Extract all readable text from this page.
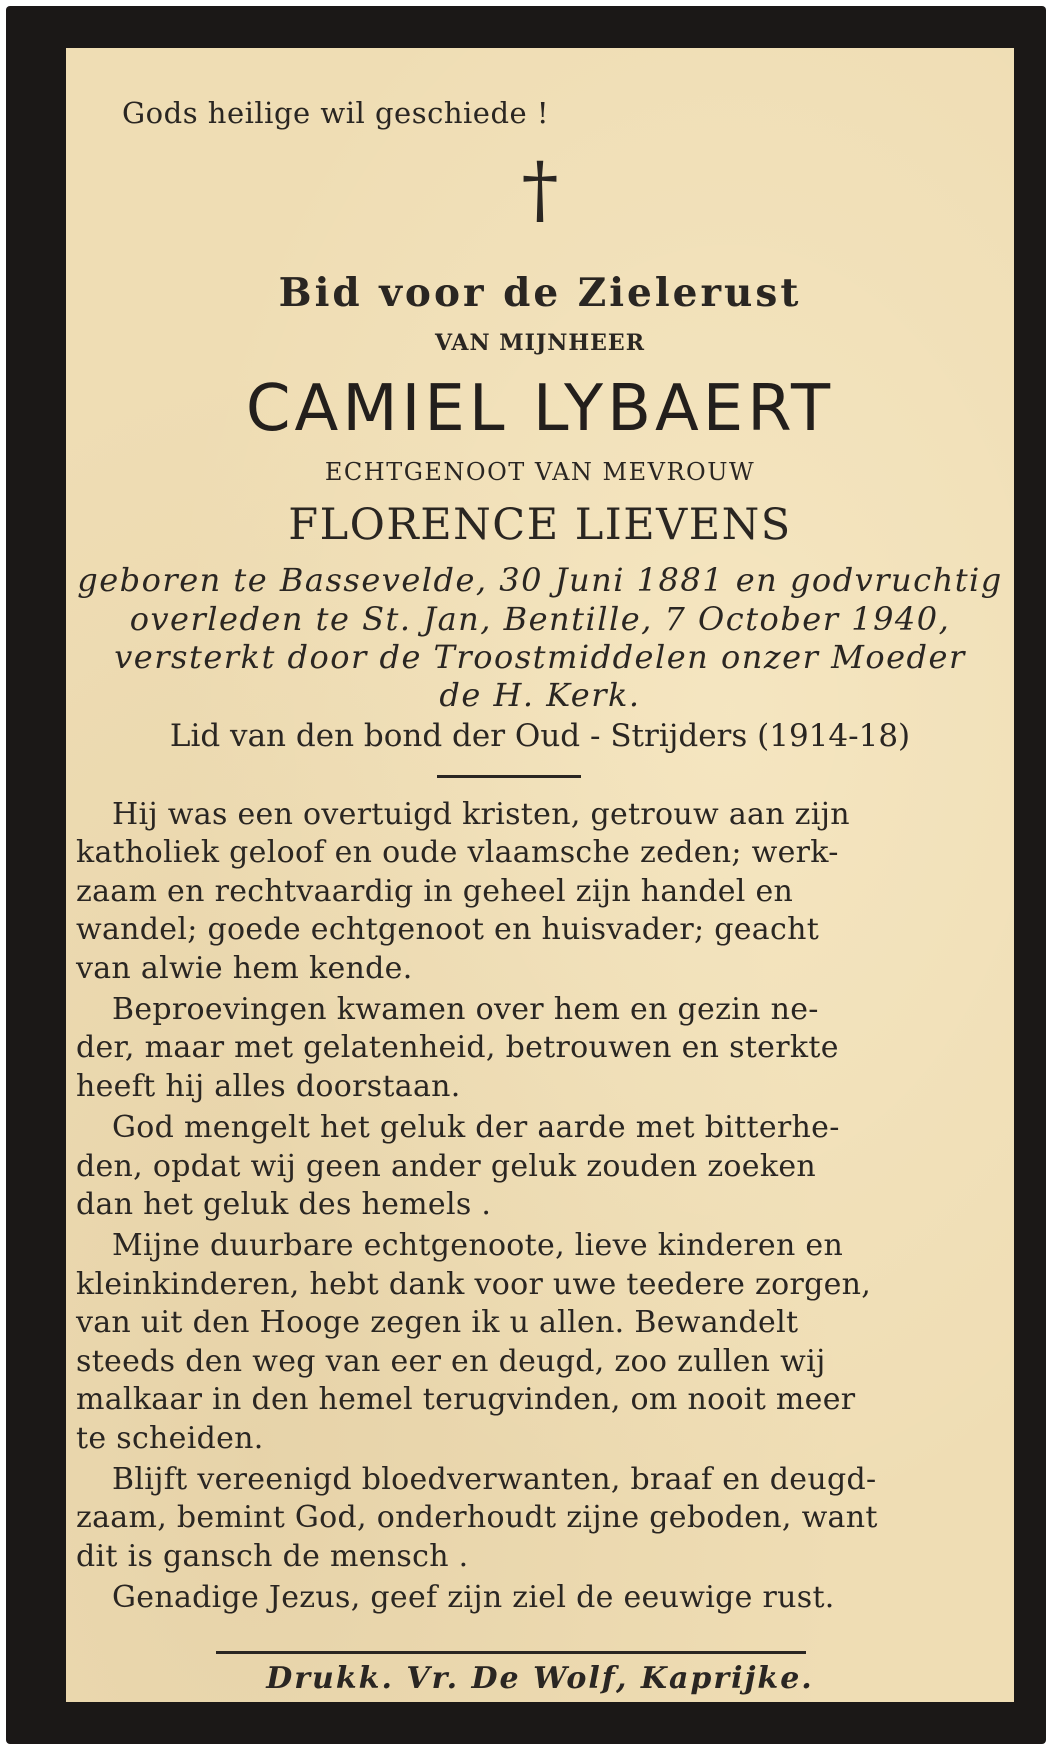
Gods heilige wil geschiede !
†
Bid voor de Zielerust
VAN MIJNHEER
CAMIEL LYBAERT
ECHTGENOOT VAN MEVROUW
FLORENCE LIEVENS
geboren te Bassevelde, 30 Juni 1881 en godvruchtig
overleden te St. Jan, Bentille, 7 October 1940,
versterkt door de Troostmiddelen onzer Moeder
de H. Kerk.
Lid van den bond der Oud - Strijders (1914-18)

Hij was een overtuigd kristen, getrouw aan zijn

katholiek geloof en oude vlaamsche zeden; werk-

zaam en rechtvaardig in geheel zijn handel en

wandel; goede echtgenoot en huisvader; geacht

van alwie hem kende.

Beproevingen kwamen over hem en gezin ne-

der, maar met gelatenheid, betrouwen en sterkte

heeft hij alles doorstaan.

God mengelt het geluk der aarde met bitterhe-

den, opdat wij geen ander geluk zouden zoeken

dan het geluk des hemels .

Mijne duurbare echtgenoote, lieve kinderen en

kleinkinderen, hebt dank voor uwe teedere zorgen,

van uit den Hooge zegen ik u allen. Bewandelt

steeds den weg van eer en deugd, zoo zullen wij

malkaar in den hemel terugvinden, om nooit meer

te scheiden.

Blijft vereenigd bloedverwanten, braaf en deugd-

zaam, bemint God, onderhoudt zijne geboden, want

dit is gansch de mensch .

Genadige Jezus, geef zijn ziel de eeuwige rust.

Drukk. Vr. De Wolf, Kaprijke.
